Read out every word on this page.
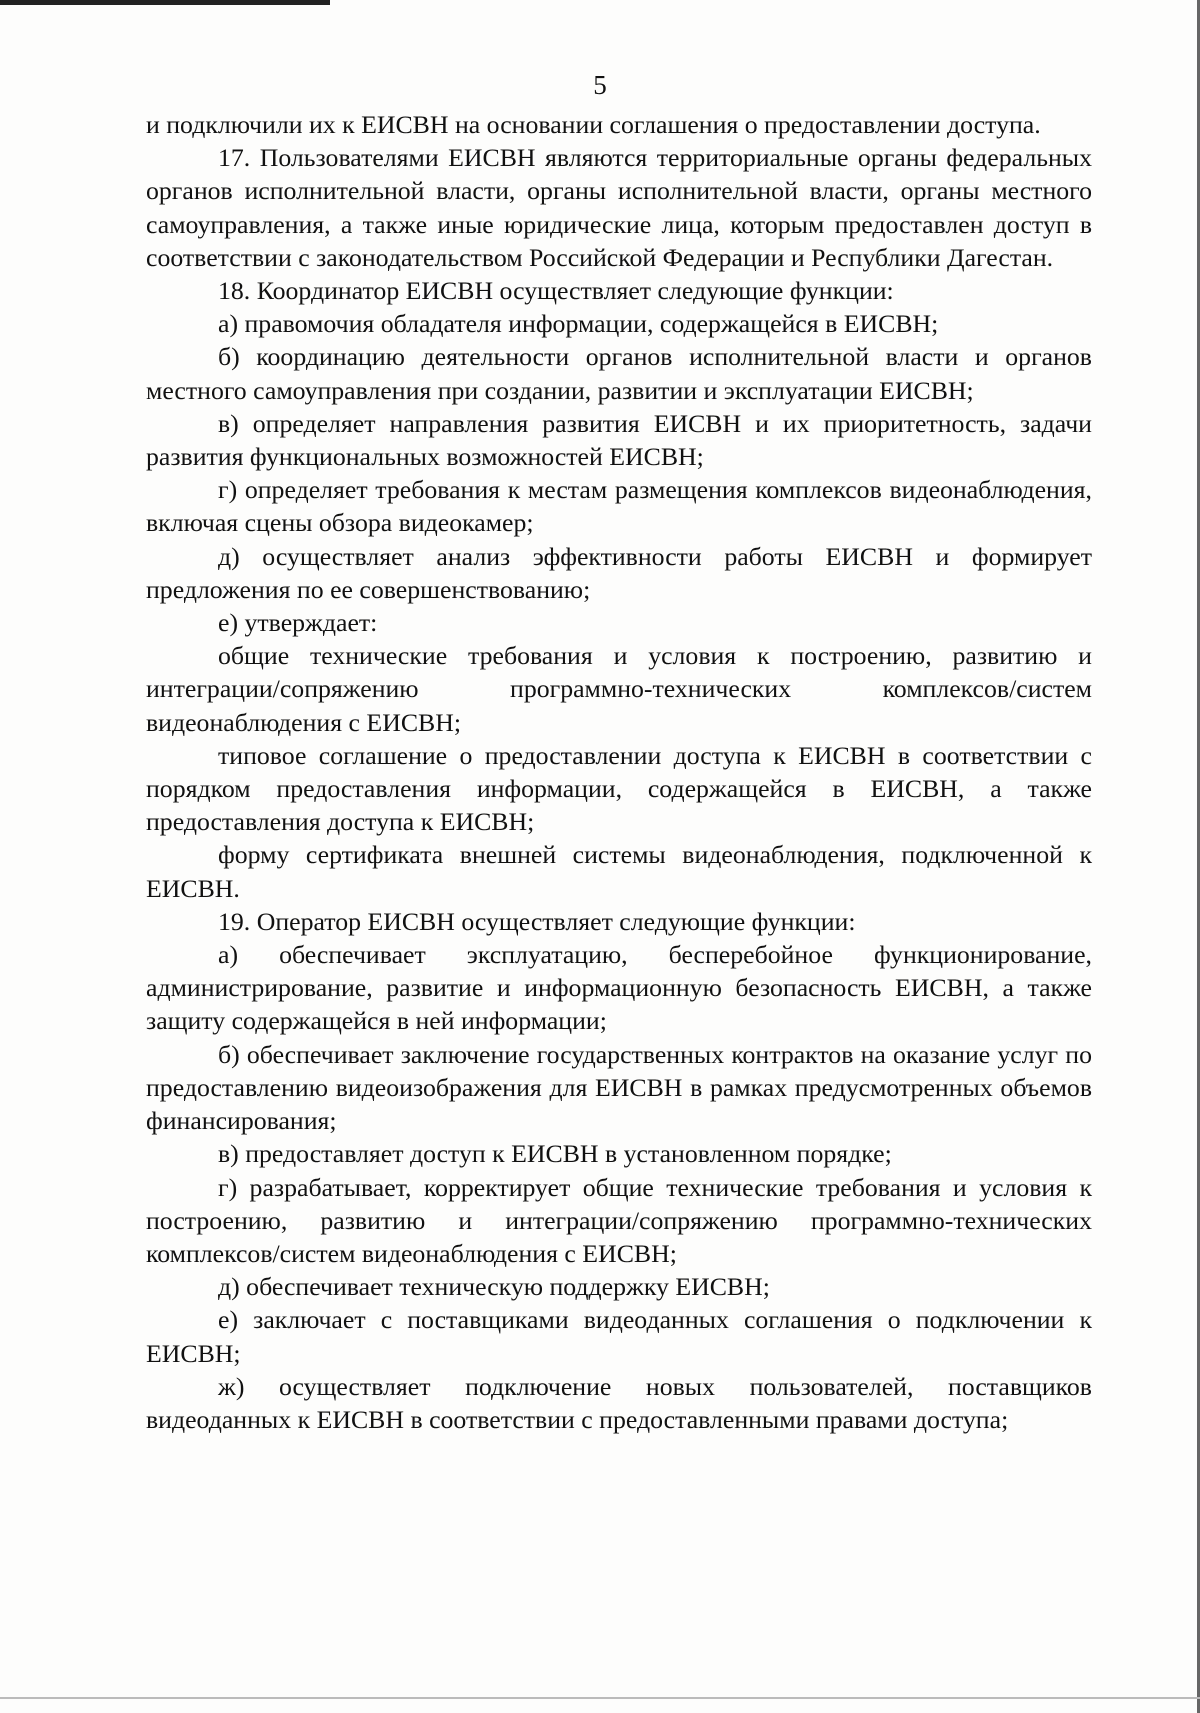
5

и подключили их к ЕИСВН на основании соглашения о предоставлении доступа.

17. Пользователями ЕИСВН являются территориальные органы федеральных органов исполнительной власти, органы исполнительной власти, органы местного самоуправления, а также иные юридические лица, которым предоставлен доступ в соответствии с законодательством Российской Федерации и Республики Дагестан.

18. Координатор ЕИСВН осуществляет следующие функции:

а) правомочия обладателя информации, содержащейся в ЕИСВН;

б) координацию деятельности органов исполнительной власти и органов местного самоуправления при создании, развитии и эксплуатации ЕИСВН;

в) определяет направления развития ЕИСВН и их приоритетность, задачи развития функциональных возможностей ЕИСВН;

г) определяет требования к местам размещения комплексов видеонаблюдения, включая сцены обзора видеокамер;

д) осуществляет анализ эффективности работы ЕИСВН и формирует предложения по ее совершенствованию;

е) утверждает:

общие технические требования и условия к построению, развитию и интеграции/сопряжению программно-технических комплексов/систем видеонаблюдения с ЕИСВН;

типовое соглашение о предоставлении доступа к ЕИСВН в соответствии с порядком предоставления информации, содержащейся в ЕИСВН, а также предоставления доступа к ЕИСВН;

форму сертификата внешней системы видеонаблюдения, подключенной к ЕИСВН.

19. Оператор ЕИСВН осуществляет следующие функции:

а) обеспечивает эксплуатацию, бесперебойное функционирование, администрирование, развитие и информационную безопасность ЕИСВН, а также защиту содержащейся в ней информации;

б) обеспечивает заключение государственных контрактов на оказание услуг по предоставлению видеоизображения для ЕИСВН в рамках предусмотренных объемов финансирования;

в) предоставляет доступ к ЕИСВН в установленном порядке;

г) разрабатывает, корректирует общие технические требования и условия к построению, развитию и интеграции/сопряжению программно-технических комплексов/систем видеонаблюдения с ЕИСВН;

д) обеспечивает техническую поддержку ЕИСВН;

е) заключает с поставщиками видеоданных соглашения о подключении к ЕИСВН;

ж) осуществляет подключение новых пользователей, поставщиков видеоданных к ЕИСВН в соответствии с предоставленными правами доступа;
